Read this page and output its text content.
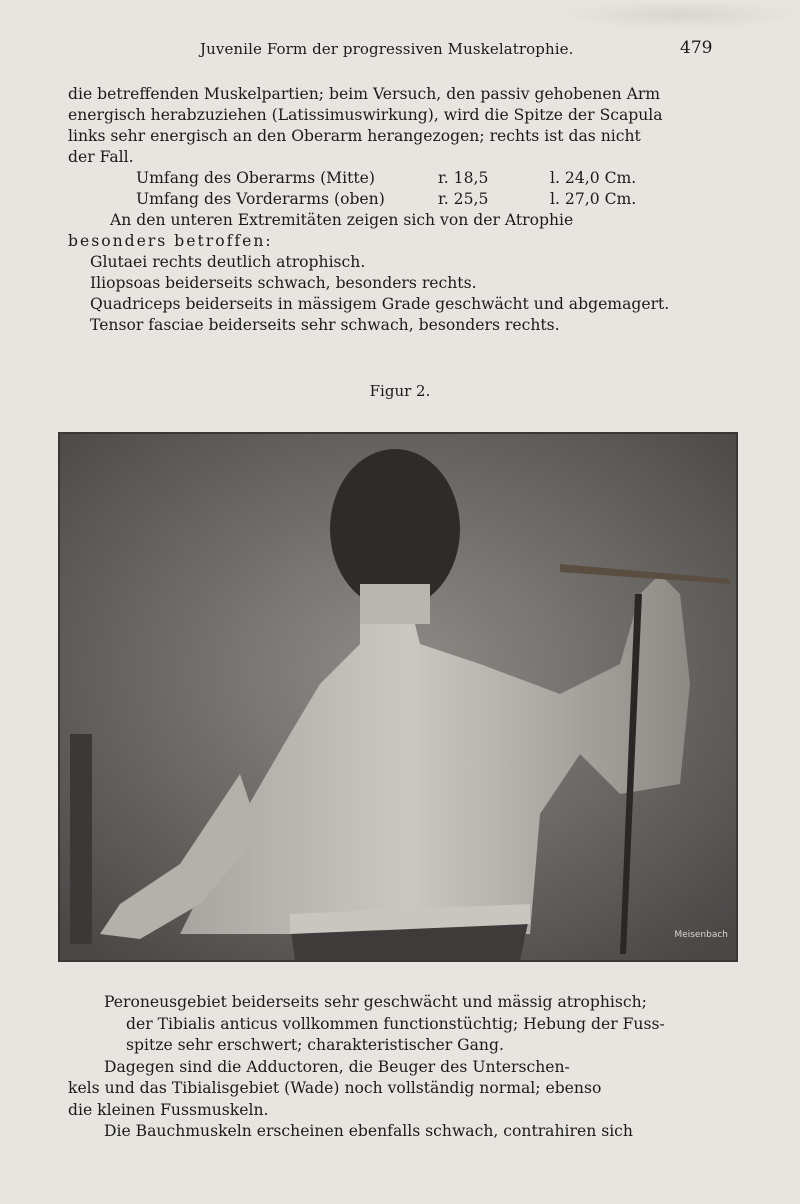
Juvenile Form der progressiven Muskelatrophie.	479
die betreffenden Muskelpartien; beim Versuch, den passiv gehobenen Arm
energisch herabzuziehen (Latissimuswirkung), wird die Spitze der Scapula
links sehr energisch an den Oberarm herangezogen; rechts ist das nicht
der Fall.
Umfang des Oberarms (Mitte)	r. 18,5	l. 24,0 Cm.
Umfang des Vorderarms (oben)	r. 25,5	l. 27,0 Cm.
An den unteren Extremitäten zeigen sich von der Atrophie
besonders betroffen:
Glutaei rechts deutlich atrophisch.
Iliopsoas beiderseits schwach, besonders rechts.
Quadriceps beiderseits in mässigem Grade geschwächt und abgemagert.
Tensor fasciae beiderseits sehr schwach, besonders rechts.
Figur 2.
Meisenbach
Peroneusgebiet beiderseits sehr geschwächt und mässig atrophisch;
der Tibialis anticus vollkommen functionstüchtig; Hebung der Fuss-
spitze sehr erschwert; charakteristischer Gang.
Dagegen sind die Adductoren, die Beuger des Unterschen-
kels und das Tibialisgebiet (Wade) noch vollständig normal; ebenso
die kleinen Fussmuskeln.
Die Bauchmuskeln erscheinen ebenfalls schwach, contrahiren sich
